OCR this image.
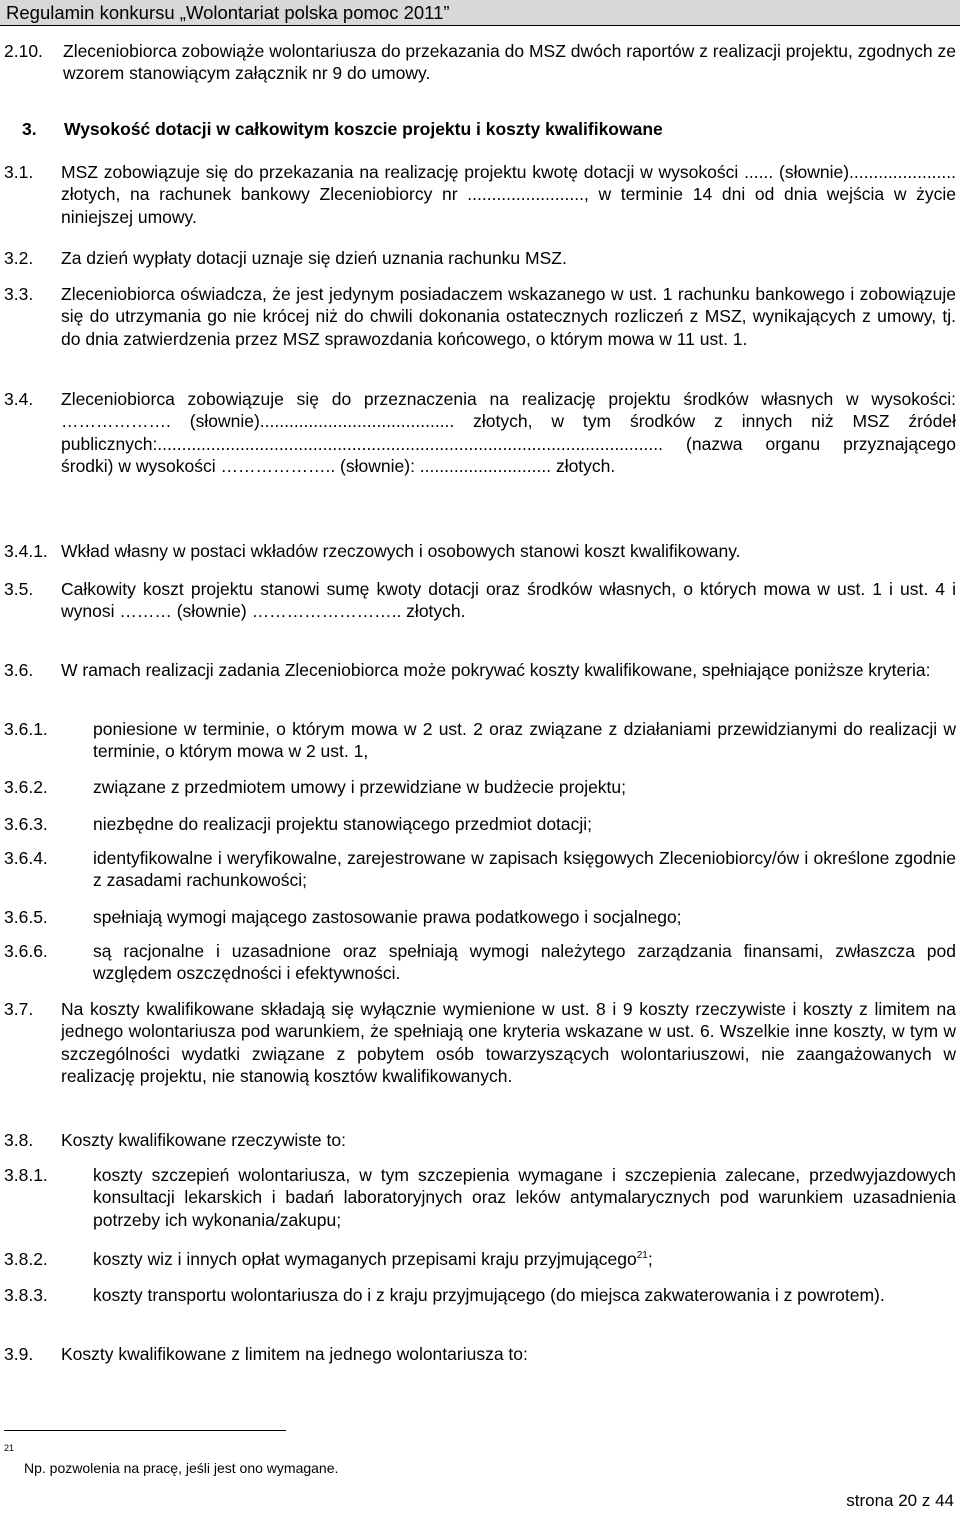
Regulamin konkursu „Wolontariat polska pomoc 2011”
2.10. Zleceniobiorca zobowiąże wolontariusza do przekazania do MSZ dwóch raportów z realizacji projektu, zgodnych ze wzorem stanowiącym załącznik nr 9 do umowy.
3. Wysokość dotacji w całkowitym koszcie projektu i koszty kwalifikowane
3.1. MSZ zobowiązuje się do przekazania na realizację projektu kwotę dotacji w wysokości ...... (słownie)...................... złotych, na rachunek bankowy Zleceniobiorcy nr ........................, w terminie 14 dni od dnia wejścia w życie niniejszej umowy.
3.2. Za dzień wypłaty dotacji uznaje się dzień uznania rachunku MSZ.
3.3. Zleceniobiorca oświadcza, że jest jedynym posiadaczem wskazanego w ust. 1 rachunku bankowego i zobowiązuje się do utrzymania go nie krócej niż do chwili dokonania ostatecznych rozliczeń z MSZ, wynikających z umowy, tj. do dnia zatwierdzenia przez MSZ sprawozdania końcowego, o którym mowa w 11 ust. 1.
3.4. Zleceniobiorca zobowiązuje się do przeznaczenia na realizację projektu środków własnych w wysokości: ………………. (słownie)........................................ złotych, w tym środków z innych niż MSZ źródeł publicznych:........................................................................................................ (nazwa organu przyznającego środki) w wysokości ……………….. (słownie): ........................... złotych.
3.4.1. Wkład własny w postaci wkładów rzeczowych i osobowych stanowi koszt kwalifikowany.
3.5. Całkowity koszt projektu stanowi sumę kwoty dotacji oraz środków własnych, o których mowa w ust. 1 i ust. 4 i wynosi ……… (słownie) …………………….. złotych.
3.6. W ramach realizacji zadania Zleceniobiorca może pokrywać koszty kwalifikowane, spełniające poniższe kryteria:
3.6.1.	poniesione w terminie, o którym mowa w 2 ust. 2 oraz związane z działaniami przewidzianymi do realizacji w terminie, o którym mowa w 2 ust. 1,
3.6.2.	związane z przedmiotem umowy i przewidziane w budżecie projektu;
3.6.3.	niezbędne do realizacji projektu stanowiącego przedmiot dotacji;
3.6.4.	identyfikowalne i weryfikowalne, zarejestrowane w zapisach księgowych Zleceniobiorcy/ów i określone zgodnie z zasadami rachunkowości;
3.6.5.	spełniają wymogi mającego zastosowanie prawa podatkowego i socjalnego;
3.6.6.	są racjonalne i uzasadnione oraz spełniają wymogi należytego zarządzania finansami, zwłaszcza pod względem oszczędności i efektywności.
3.7. Na koszty kwalifikowane składają się wyłącznie wymienione w ust. 8 i 9 koszty rzeczywiste i koszty z limitem na jednego wolontariusza pod warunkiem, że spełniają one kryteria wskazane w ust. 6. Wszelkie inne koszty, w tym w szczególności wydatki związane z pobytem osób towarzyszących wolontariuszowi, nie zaangażowanych w realizację projektu, nie stanowią kosztów kwalifikowanych.
3.8. Koszty kwalifikowane rzeczywiste to:
3.8.1.	koszty szczepień wolontariusza, w tym szczepienia wymagane i szczepienia zalecane, przedwyjazdowych konsultacji lekarskich i badań laboratoryjnych oraz leków antymalarycznych pod warunkiem uzasadnienia potrzeby ich wykonania/zakupu;
3.8.2.	koszty wiz i innych opłat wymaganych przepisami kraju przyjmującego$^{21}$;
3.8.3.	koszty transportu wolontariusza do i z kraju przyjmującego (do miejsca zakwaterowania i z powrotem).
3.9. Koszty kwalifikowane z limitem na jednego wolontariusza to:
$^{21}$
Np. pozwolenia na pracę, jeśli jest ono wymagane.
strona 20 z 44
